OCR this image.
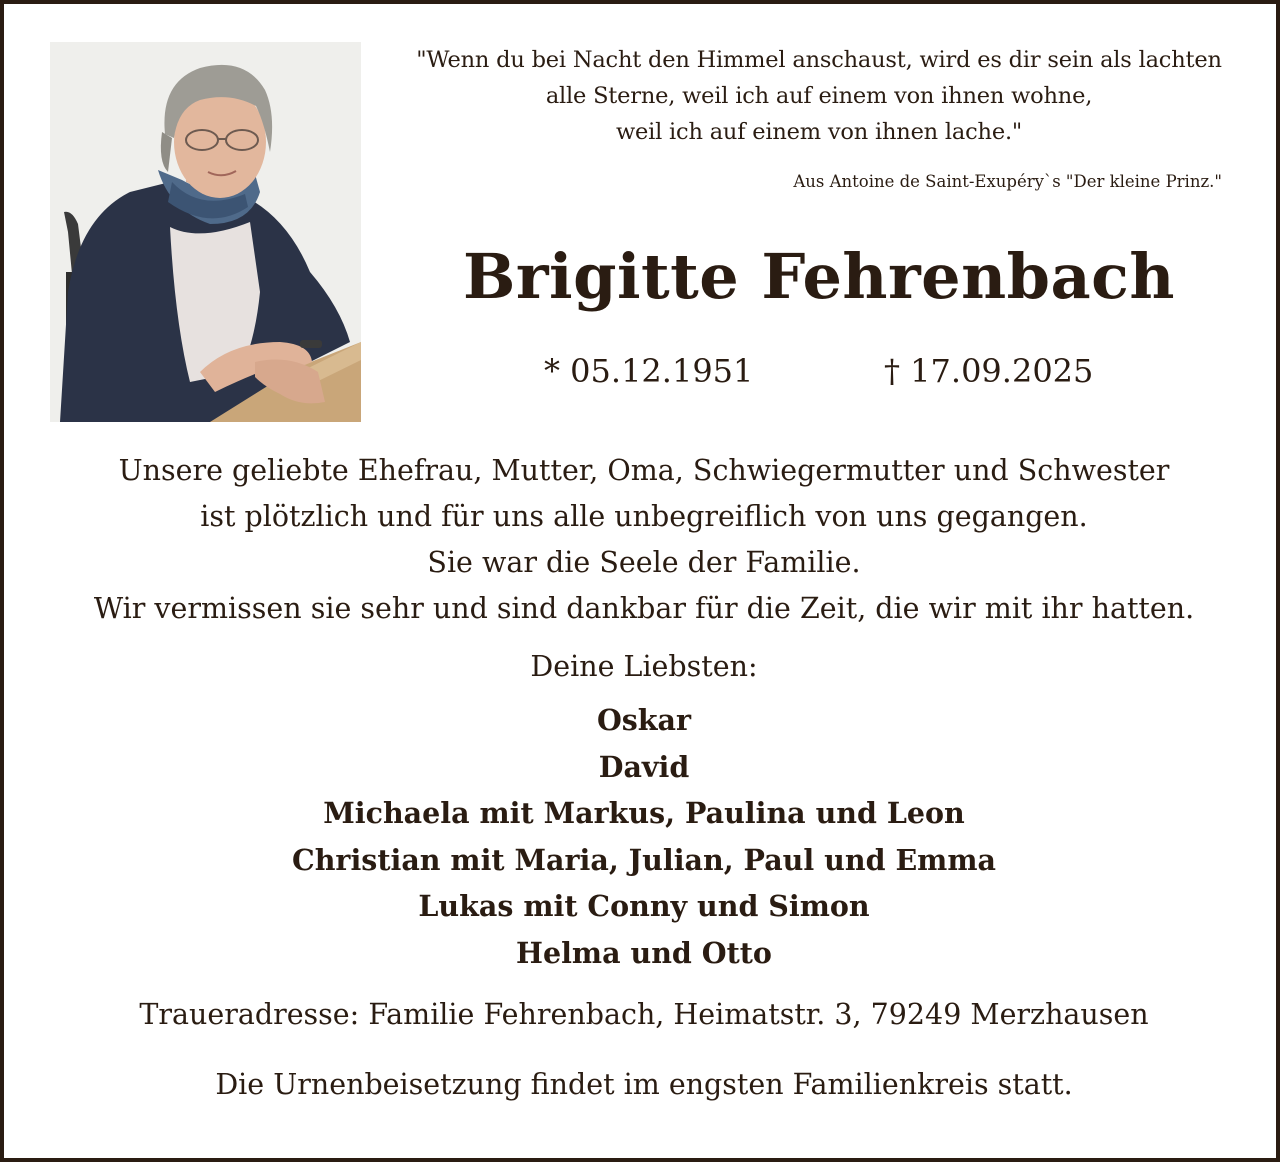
"Wenn du bei Nacht den Himmel anschaust, wird es dir sein als lachten
alle Sterne, weil ich auf einem von ihnen wohne,
weil ich auf einem von ihnen lache."
Aus Antoine de Saint-Exupéry`s "Der kleine Prinz."
Brigitte Fehrenbach
* 05.12.1951	† 17.09.2025
Unsere geliebte Ehefrau, Mutter, Oma, Schwiegermutter und Schwester
ist plötzlich und für uns alle unbegreiflich von uns gegangen.
Sie war die Seele der Familie.
Wir vermissen sie sehr und sind dankbar für die Zeit, die wir mit ihr hatten.
Deine Liebsten:
Oskar
David
Michaela mit Markus, Paulina und Leon
Christian mit Maria, Julian, Paul und Emma
Lukas mit Conny und Simon
Helma und Otto
Traueradresse: Familie Fehrenbach, Heimatstr. 3, 79249 Merzhausen
Die Urnenbeisetzung findet im engsten Familienkreis statt.
